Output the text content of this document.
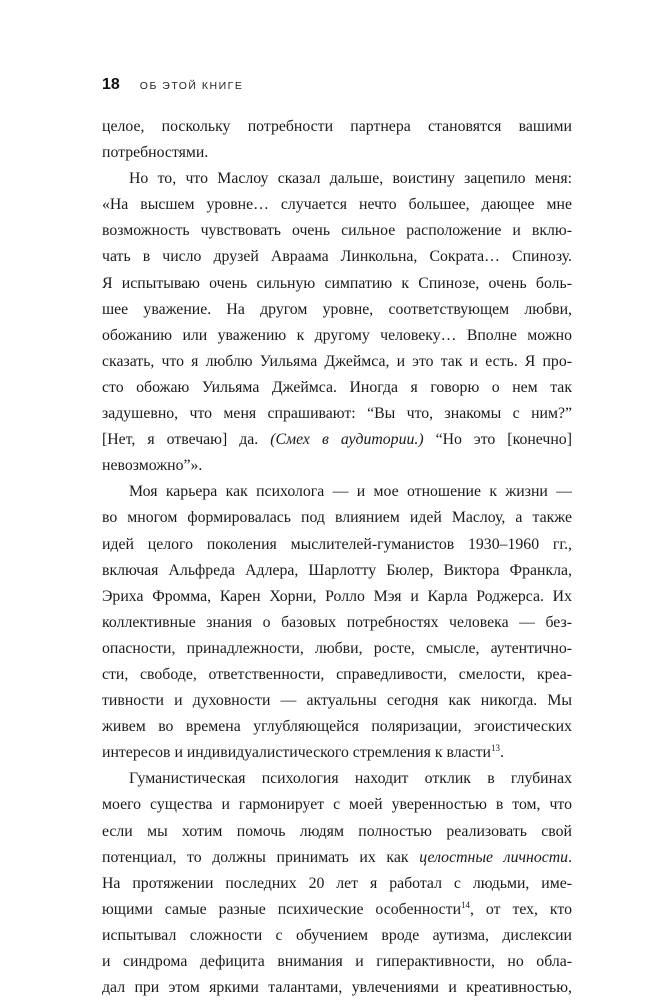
18 ОБ ЭТОЙ КНИГЕ
целое, поскольку потребности партнера становятся вашими
потребностями.
Но то, что Маслоу сказал дальше, воистину зацепило меня:
«На высшем уровне… случается нечто большее, дающее мне
возможность чувствовать очень сильное расположение и вклю-
чать в число друзей Авраама Линкольна, Сократа… Спинозу.
Я испытываю очень сильную симпатию к Спинозе, очень боль-
шее уважение. На другом уровне, соответствующем любви,
обожанию или уважению к другому человеку… Вполне можно
сказать, что я люблю Уильяма Джеймса, и это так и есть. Я про-
сто обожаю Уильяма Джеймса. Иногда я говорю о нем так
задушевно, что меня спрашивают: “Вы что, знакомы с ним?”
[Нет, я отвечаю] да. (Смех в аудитории.) “Но это [конечно]
невозможно”».
Моя карьера как психолога — и мое отношение к жизни —
во многом формировалась под влиянием идей Маслоу, а также
идей целого поколения мыслителей-гуманистов 1930–1960 гг.,
включая Альфреда Адлера, Шарлотту Бюлер, Виктора Франкла,
Эриха Фромма, Карен Хорни, Ролло Мэя и Карла Роджерса. Их
коллективные знания о базовых потребностях человека — без-
опасности, принадлежности, любви, росте, смысле, аутентично-
сти, свободе, ответственности, справедливости, смелости, креа-
тивности и духовности — актуальны сегодня как никогда. Мы
живем во времена углубляющейся поляризации, эгоистических
интересов и индивидуалистического стремления к власти$^{13}$.
Гуманистическая психология находит отклик в глубинах
моего существа и гармонирует с моей уверенностью в том, что
если мы хотим помочь людям полностью реализовать свой
потенциал, то должны принимать их как целостные личности.
На протяжении последних 20 лет я работал с людьми, име-
ющими самые разные психические особенности$^{14}$, от тех, кто
испытывал сложности с обучением вроде аутизма, дислексии
и синдрома дефицита внимания и гиперактивности, но обла-
дал при этом яркими талантами, увлечениями и креативностью,
